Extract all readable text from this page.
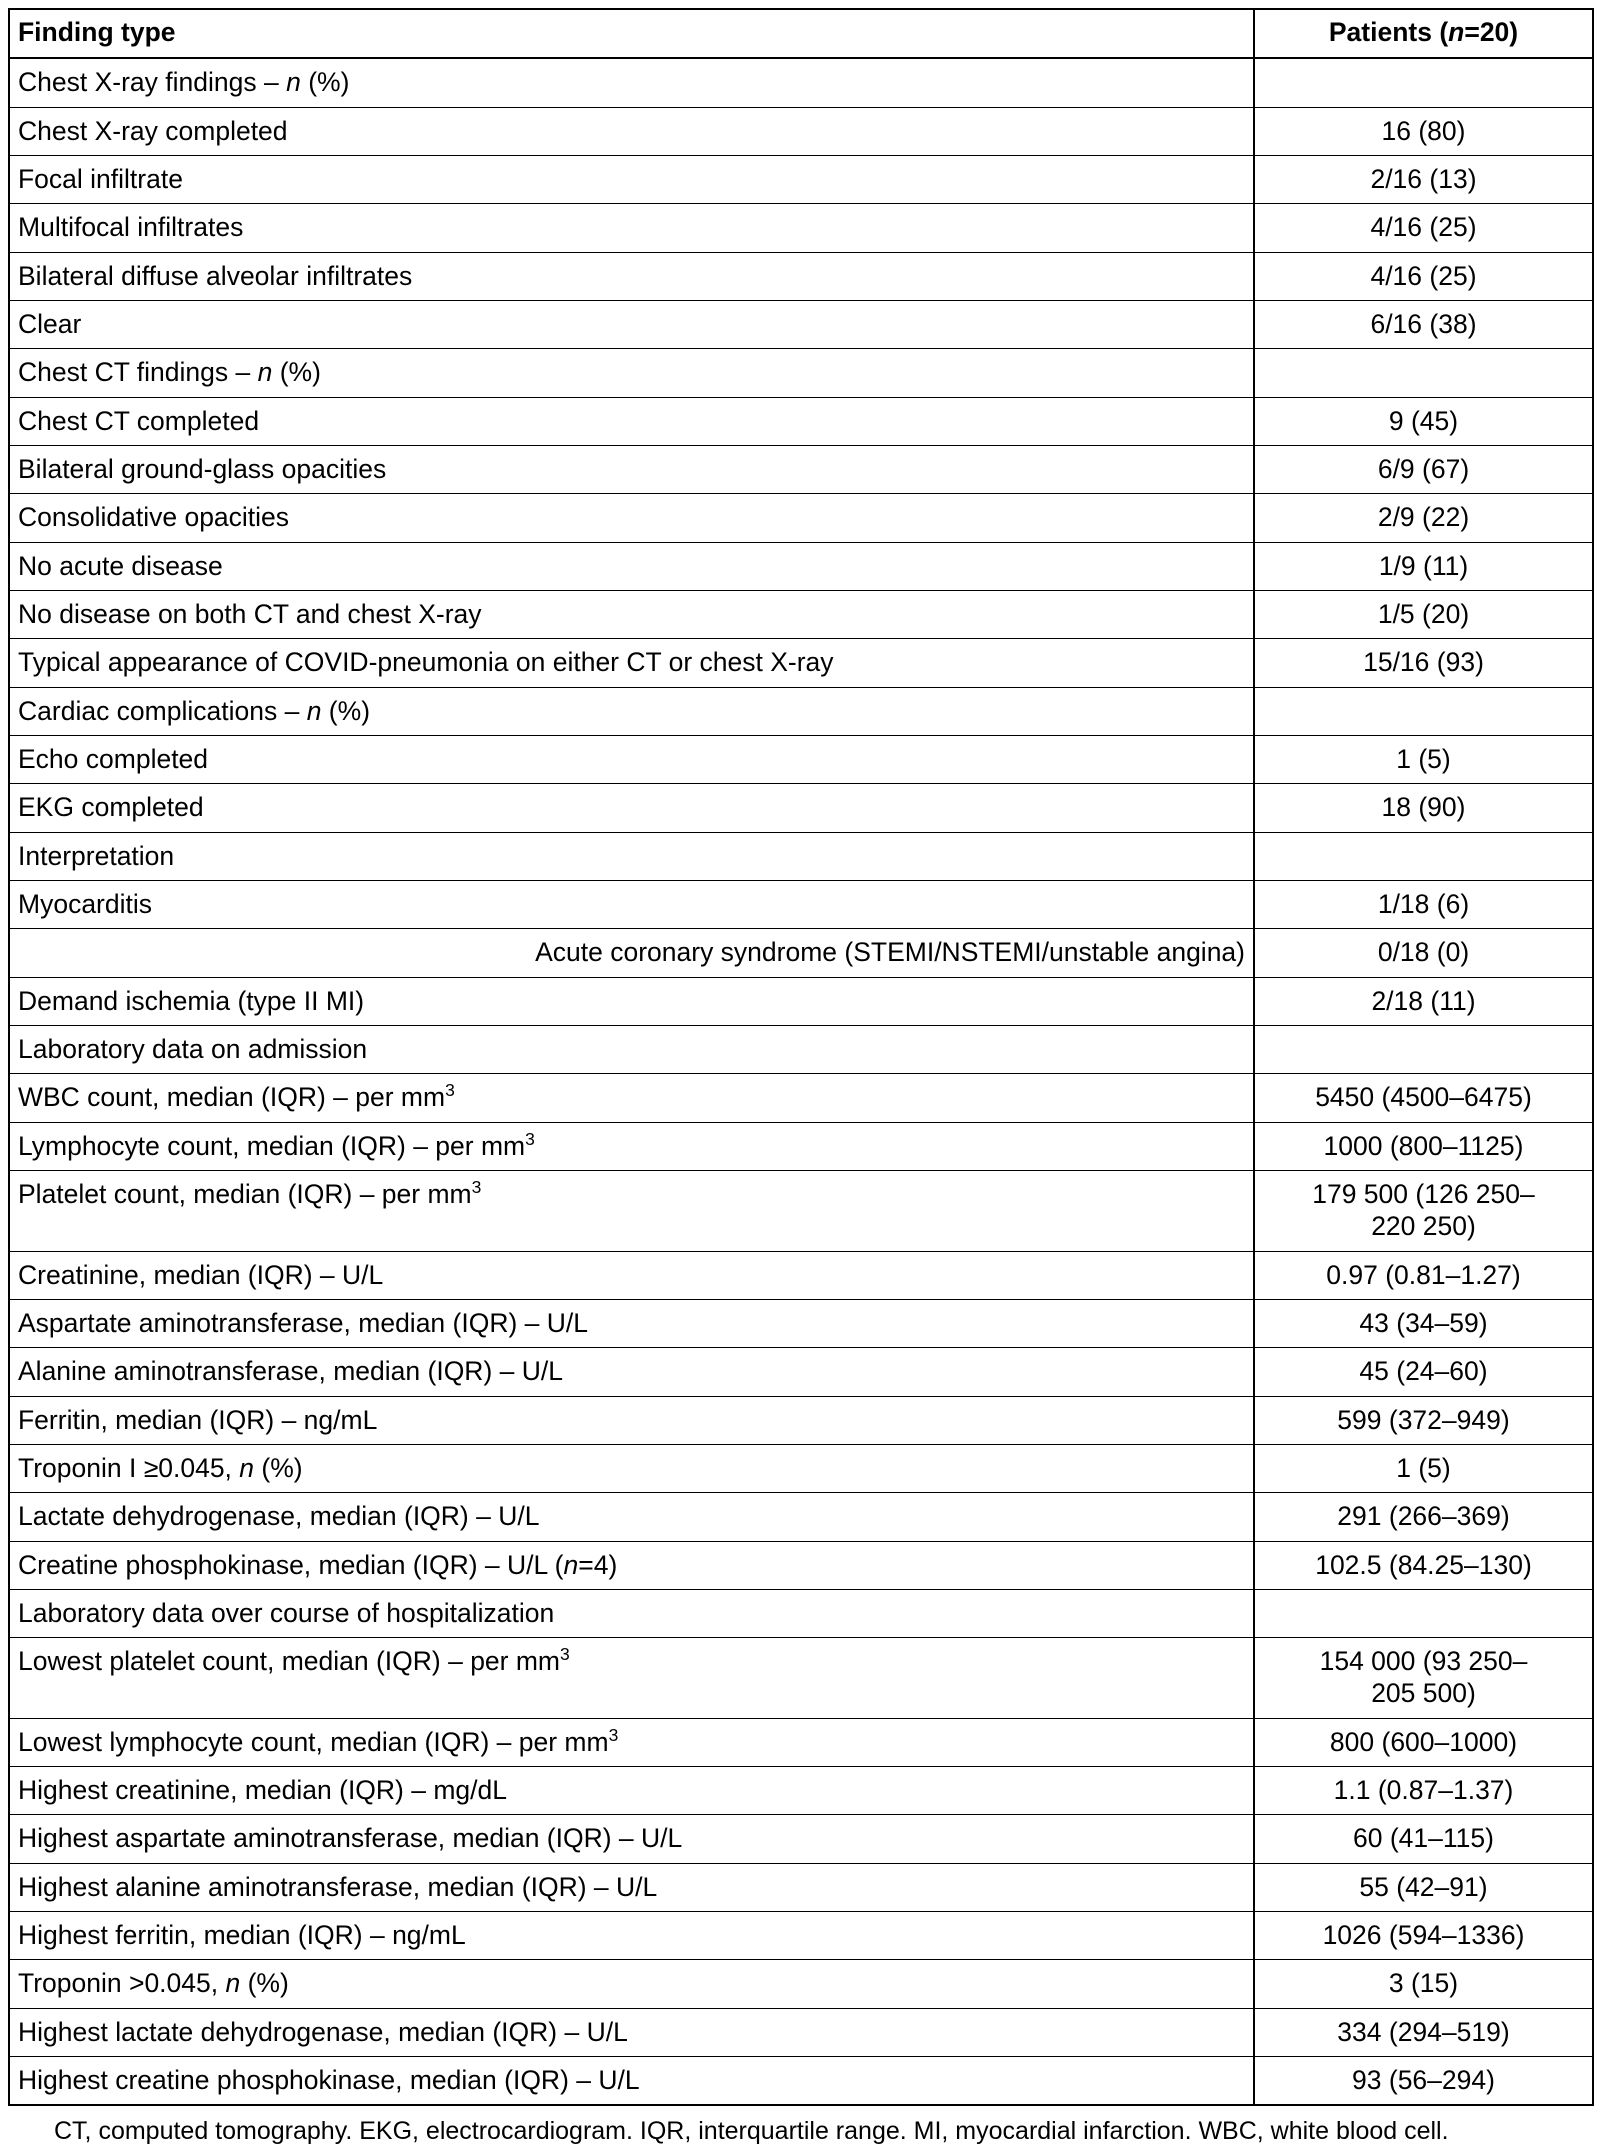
Finding type	Patients (n=20)
Chest X-ray findings – n (%)	
Chest X-ray completed	16 (80)
Focal infiltrate	2/16 (13)
Multifocal infiltrates	4/16 (25)
Bilateral diffuse alveolar infiltrates	4/16 (25)
Clear	6/16 (38)
Chest CT findings – n (%)	
Chest CT completed	9 (45)
Bilateral ground-glass opacities	6/9 (67)
Consolidative opacities	2/9 (22)
No acute disease	1/9 (11)
No disease on both CT and chest X-ray	1/5 (20)
Typical appearance of COVID-pneumonia on either CT or chest X-ray	15/16 (93)
Cardiac complications – n (%)	
Echo completed	1 (5)
EKG completed	18 (90)
Interpretation	
Myocarditis	1/18 (6)
Acute coronary syndrome (STEMI/NSTEMI/unstable angina)	0/18 (0)
Demand ischemia (type II MI)	2/18 (11)
Laboratory data on admission	
WBC count, median (IQR) – per $mm^3$	5450 (4500–6475)
Lymphocyte count, median (IQR) – per $mm^3$	1000 (800–1125)
Platelet count, median (IQR) – per $mm^3$	179 500 (126 250–
220 250)

Creatinine, median (IQR) – U/L	0.97 (0.81–1.27)
Aspartate aminotransferase, median (IQR) – U/L	43 (34–59)
Alanine aminotransferase, median (IQR) – U/L	45 (24–60)
Ferritin, median (IQR) – ng/mL	599 (372–949)
Troponin I ≥0.045, n (%)	1 (5)
Lactate dehydrogenase, median (IQR) – U/L	291 (266–369)
Creatine phosphokinase, median (IQR) – U/L (n=4)	102.5 (84.25–130)
Laboratory data over course of hospitalization	
Lowest platelet count, median (IQR) – per $mm^3$	154 000 (93 250–
205 500)

Lowest lymphocyte count, median (IQR) – per $mm^3$	800 (600–1000)
Highest creatinine, median (IQR) – mg/dL	1.1 (0.87–1.37)
Highest aspartate aminotransferase, median (IQR) – U/L	60 (41–115)
Highest alanine aminotransferase, median (IQR) – U/L	55 (42–91)
Highest ferritin, median (IQR) – ng/mL	1026 (594–1336)
Troponin >0.045, n (%)	3 (15)
Highest lactate dehydrogenase, median (IQR) – U/L	334 (294–519)
Highest creatine phosphokinase, median (IQR) – U/L	93 (56–294)

CT, computed tomography. EKG, electrocardiogram. IQR, interquartile range. MI, myocardial infarction. WBC, white blood cell.
